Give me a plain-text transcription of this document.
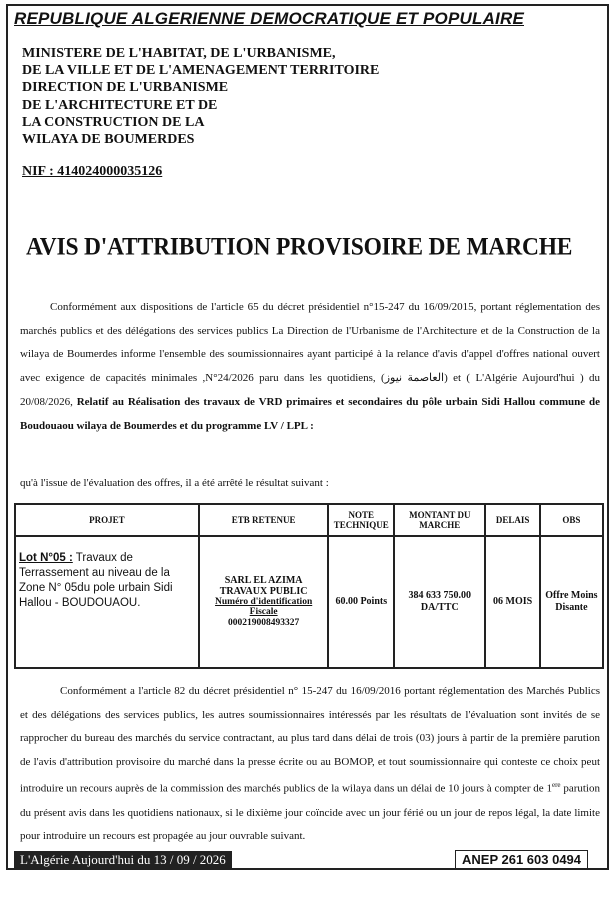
REPUBLIQUE ALGERIENNE DEMOCRATIQUE ET POPULAIRE
MINISTERE DE L'HABITAT, DE L'URBANISME,
DE LA VILLE ET DE L'AMENAGEMENT TERRITOIRE
DIRECTION DE L'URBANISME
DE L'ARCHITECTURE ET DE
LA CONSTRUCTION DE LA
WILAYA DE BOUMERDES
NIF : 414024000035126
AVIS D'ATTRIBUTION PROVISOIRE DE MARCHE
Conformément aux dispositions de l'article 65 du décret présidentiel n°15-247 du 16/09/2015, portant réglementation des marchés publics et des délégations des services publics La Direction de l'Urbanisme de l'Architecture et de la Construction de la wilaya de Boumerdes informe l'ensemble des soumissionnaires ayant participé à la relance d'avis d'appel d'offres national ouvert avec exigence de capacités minimales ,N°24/2026 paru dans les quotidiens, (العاصمة نيوز) et ( L'Algérie Aujourd'hui ) du 20/08/2026, Relatif au Réalisation des travaux de VRD primaires et secondaires du pôle urbain Sidi Hallou commune de Boudouaou wilaya de Boumerdes et du programme LV / LPL :
qu'à l'issue de l'évaluation des offres, il a été arrêté le résultat suivant :
PROJET	ETB RETENUE	NOTE TECHNIQUE	MONTANT DU MARCHE	DELAIS	OBS
Lot N°05 : Travaux de Terrassement au niveau de la Zone N° 05du pole urbain Sidi Hallou - BOUDOUAOU.	SARL EL AZIMA TRAVAUX PUBLIC
Numéro d'identification Fiscale
000219008493327	60.00 Points	384 633 750.00 DA/TTC	06 MOIS	Offre Moins Disante
Conformément a l'article 82 du décret présidentiel n° 15-247 du 16/09/2016 portant réglementation des Marchés Publics et des délégations des services publics, les autres soumissionnaires intéressés par les résultats de l'évaluation sont invités de se rapprocher du bureau des marchés du service contractant, au plus tard dans délai de trois (03) jours à partir de la première parution de l'avis d'attribution provisoire du marché dans la presse écrite ou au BOMOP, et tout soumissionnaire qui conteste ce choix peut introduire un recours auprès de la commission des marchés publics de la wilaya dans un délai de 10 jours à compter de 1ere parution du présent avis dans les quotidiens nationaux, si le dixième jour coïncide avec un jour férié ou un jour de repos légal, la date limite pour introduire un recours est propagée au jour ouvrable suivant.
L'Algérie Aujourd'hui du 13 / 09 / 2026	ANEP 261 603 0494
